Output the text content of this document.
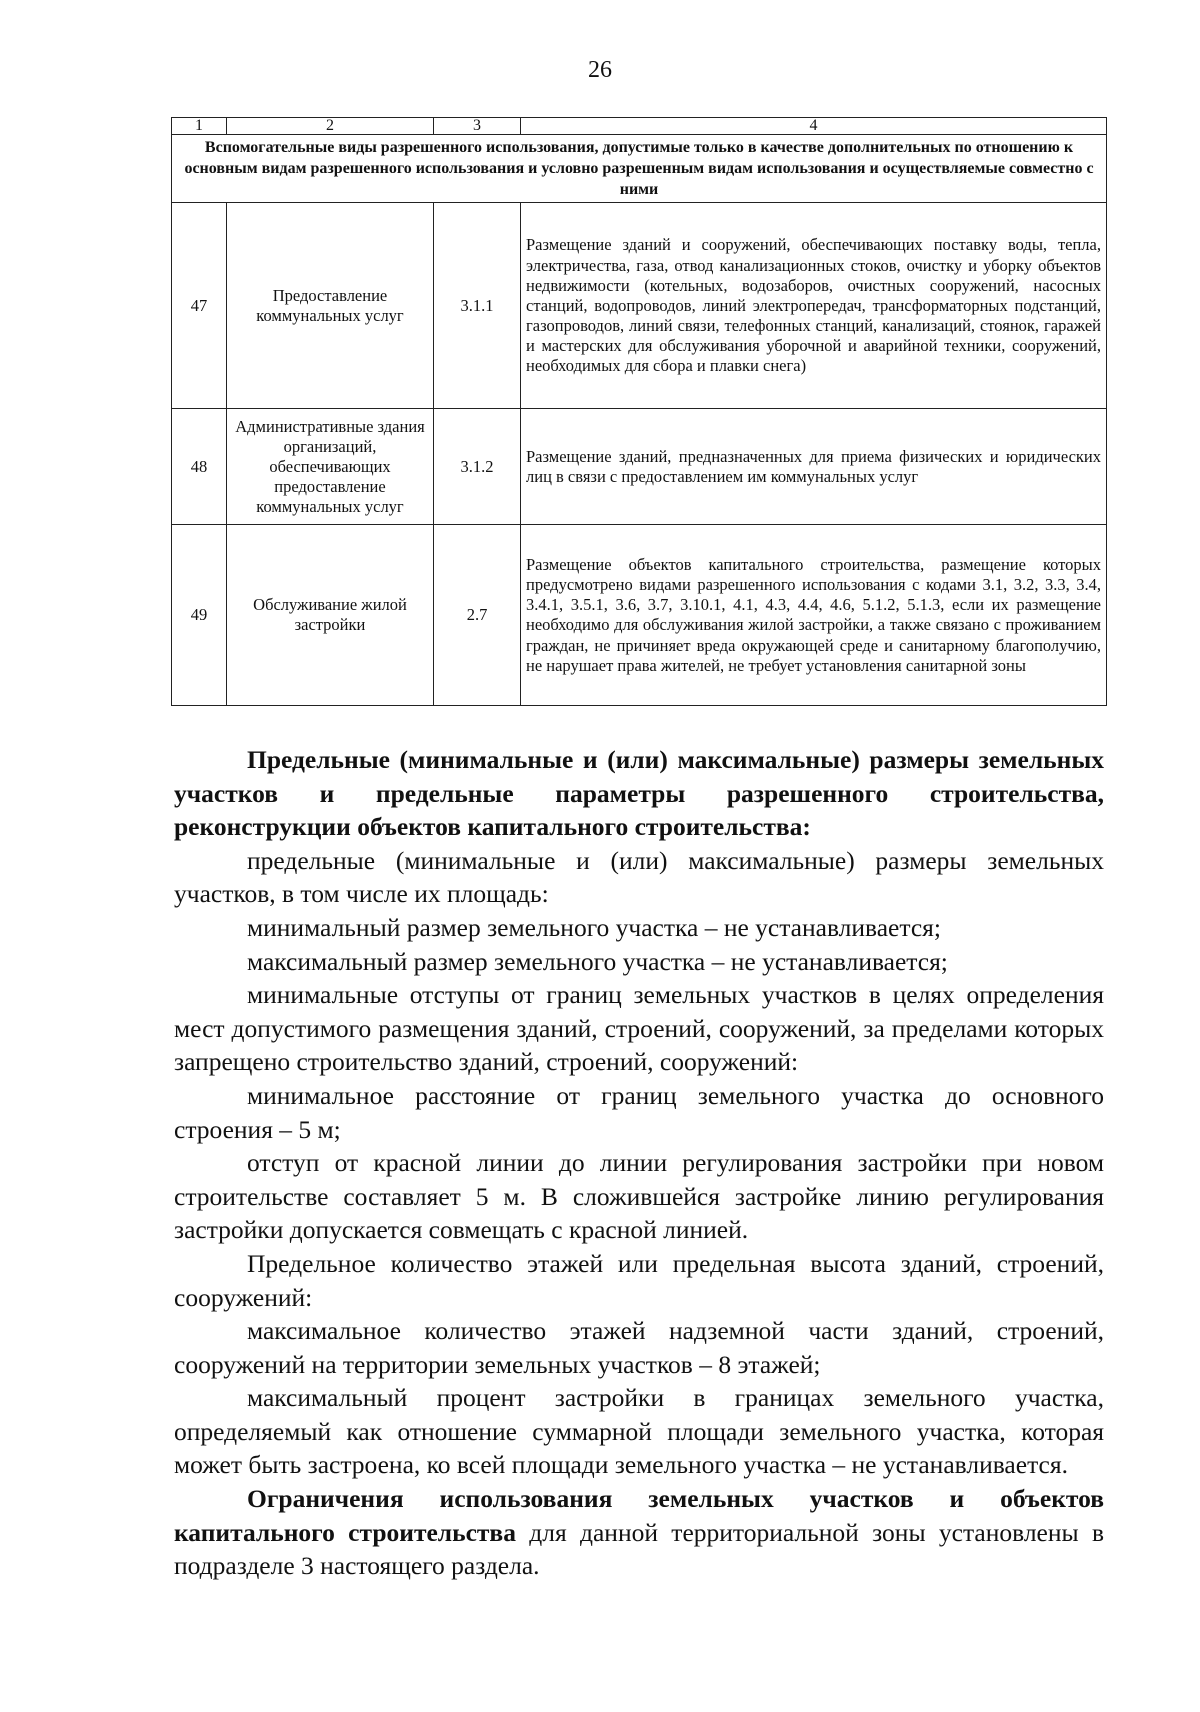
26
1	2	3	4
Вспомогательные виды разрешенного использования, допустимые только в качестве дополнительных по отношению к основным видам разрешенного использования и условно разрешенным видам использования и осуществляемые совместно с ними			
47	Предоставление коммунальных услуг	3.1.1	Размещение зданий и сооружений, обеспечивающих поставку воды, тепла, электричества, газа, отвод канализационных стоков, очистку и уборку объектов недвижимости (котельных, водозаборов, очистных сооружений, насосных станций, водопроводов, линий электропередач, трансформаторных подстанций, газопроводов, линий связи, телефонных станций, канализаций, стоянок, гаражей и мастерских для обслуживания уборочной и аварийной техники, сооружений, необходимых для сбора и плавки снега)
48	Административные здания организаций, обеспечивающих предоставление коммунальных услуг	3.1.2	Размещение зданий, предназначенных для приема физических и юридических лиц в связи с предоставлением им коммунальных услуг
49	Обслуживание жилой застройки	2.7	Размещение объектов капитального строительства, размещение которых предусмотрено видами разрешенного использования с кодами 3.1, 3.2, 3.3, 3.4, 3.4.1, 3.5.1, 3.6, 3.7, 3.10.1, 4.1, 4.3, 4.4, 4.6, 5.1.2, 5.1.3, если их размещение необходимо для обслуживания жилой застройки, а также связано с проживанием граждан, не причиняет вреда окружающей среде и санитарному благополучию, не нарушает права жителей, не требует установления санитарной зоны

Предельные (минимальные и (или) максимальные) размеры земельных участков и предельные параметры разрешенного строительства, реконструкции объектов капитального строительства:

предельные (минимальные и (или) максимальные) размеры земельных участков, в том числе их площадь:

минимальный размер земельного участка – не устанавливается;

максимальный размер земельного участка – не устанавливается;

минимальные отступы от границ земельных участков в целях определения мест допустимого размещения зданий, строений, сооружений, за пределами которых запрещено строительство зданий, строений, сооружений:

минимальное расстояние от границ земельного участка до основного строения – 5 м;

отступ от красной линии до линии регулирования застройки при новом строительстве составляет 5 м. В сложившейся застройке линию регулирования застройки допускается совмещать с красной линией.

Предельное количество этажей или предельная высота зданий, строений, сооружений:

максимальное количество этажей надземной части зданий, строений, сооружений на территории земельных участков – 8 этажей;

максимальный процент застройки в границах земельного участка, определяемый как отношение суммарной площади земельного участка, которая может быть застроена, ко всей площади земельного участка – не устанавливается.

Ограничения использования земельных участков и объектов капитального строительства для данной территориальной зоны установлены в подразделе 3 настоящего раздела.
